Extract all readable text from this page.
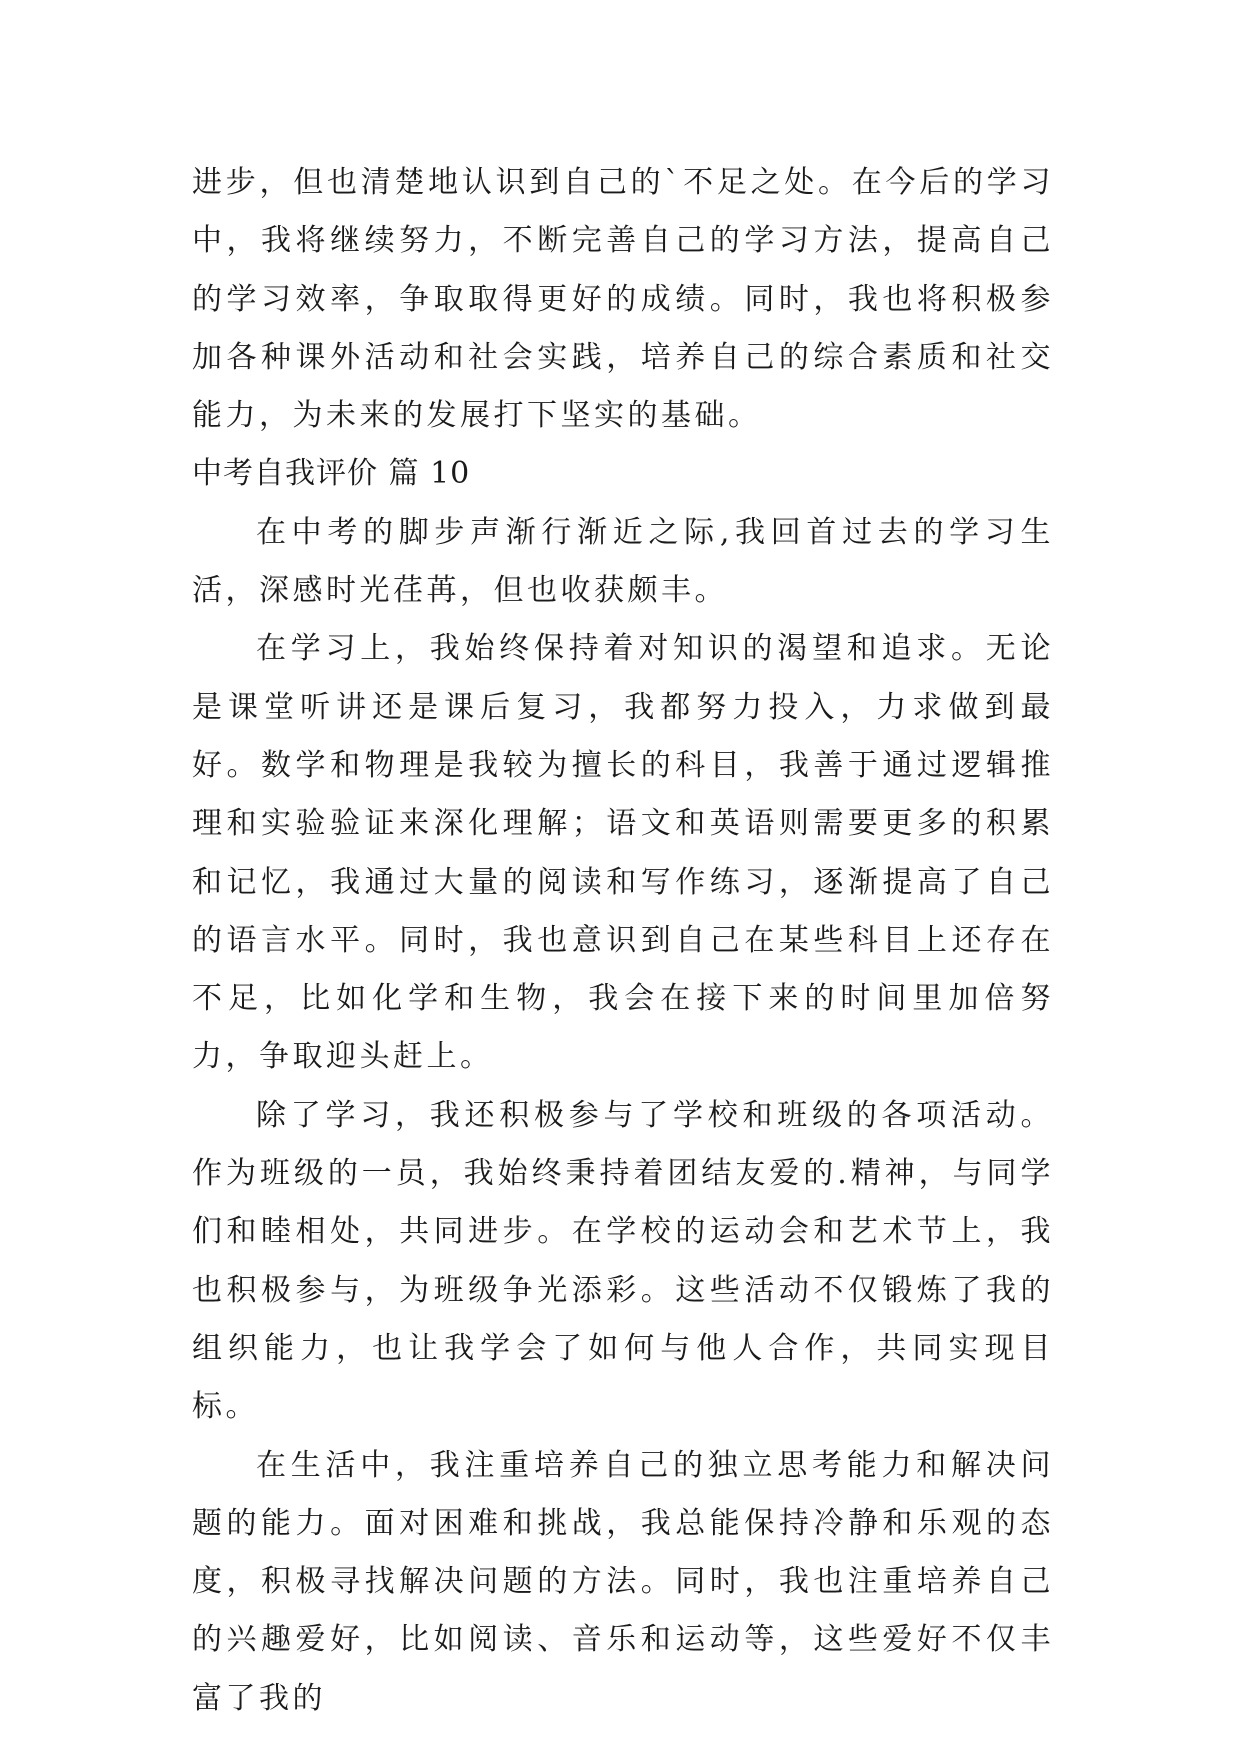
进步，但也清楚地认识到自己的`不足之处。在今后的学习中，我将继续努力，不断完善自己的学习方法，提高自己的学习效率，争取取得更好的成绩。同时，我也将积极参加各种课外活动和社会实践，培养自己的综合素质和社交能力，为未来的发展打下坚实的基础。

中考自我评价 篇 10

在中考的脚步声渐行渐近之际,我回首过去的学习生活，深感时光荏苒，但也收获颇丰。

在学习上，我始终保持着对知识的渴望和追求。无论是课堂听讲还是课后复习，我都努力投入，力求做到最好。数学和物理是我较为擅长的科目，我善于通过逻辑推理和实验验证来深化理解；语文和英语则需要更多的积累和记忆，我通过大量的阅读和写作练习，逐渐提高了自己的语言水平。同时，我也意识到自己在某些科目上还存在不足，比如化学和生物，我会在接下来的时间里加倍努力，争取迎头赶上。

除了学习，我还积极参与了学校和班级的各项活动。作为班级的一员，我始终秉持着团结友爱的.精神，与同学们和睦相处，共同进步。在学校的运动会和艺术节上，我也积极参与，为班级争光添彩。这些活动不仅锻炼了我的组织能力，也让我学会了如何与他人合作，共同实现目标。

在生活中，我注重培养自己的独立思考能力和解决问题的能力。面对困难和挑战，我总能保持冷静和乐观的态度，积极寻找解决问题的方法。同时，我也注重培养自己的兴趣爱好，比如阅读、音乐和运动等，这些爱好不仅丰富了我的
